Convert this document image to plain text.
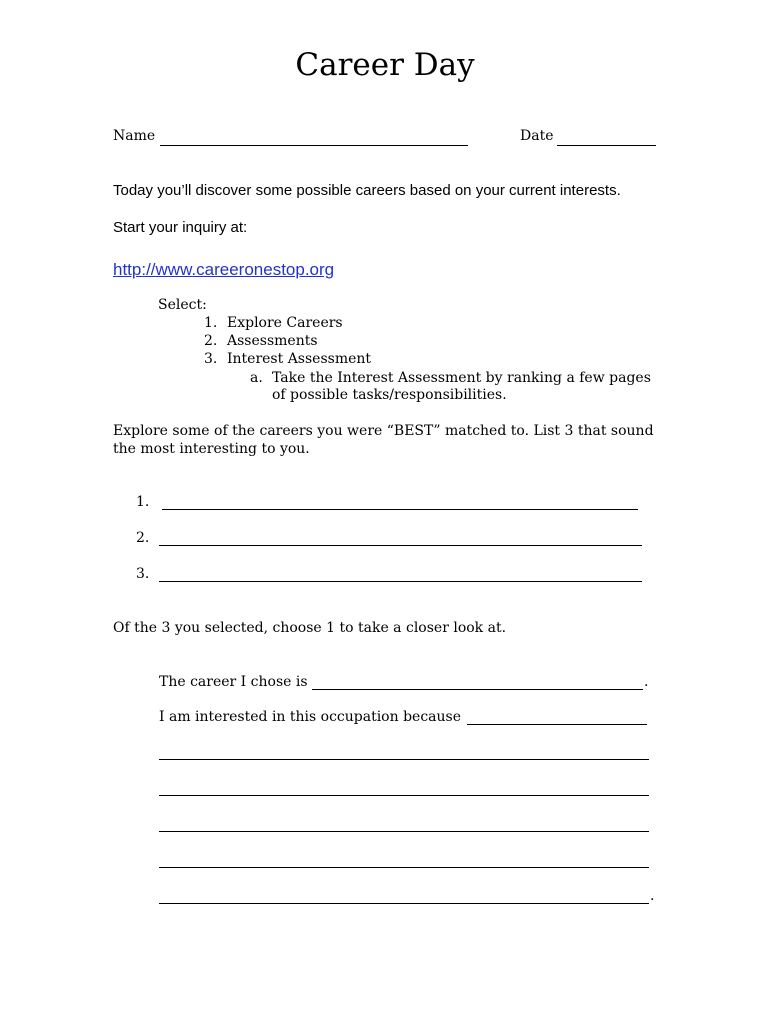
Career Day
Name	Date
Today you’ll discover some possible careers based on your current interests.
Start your inquiry at:
http://www.careeronestop.org
Select:
1. Explore Careers
2. Assessments
3. Interest Assessment
a. Take the Interest Assessment by ranking a few pages
of possible tasks/responsibilities.
Explore some of the careers you were “BEST” matched to. List 3 that sound
the most interesting to you.
1.
2.
3.
Of the 3 you selected, choose 1 to take a closer look at.
The career I chose is	.
I am interested in this occupation because
.
